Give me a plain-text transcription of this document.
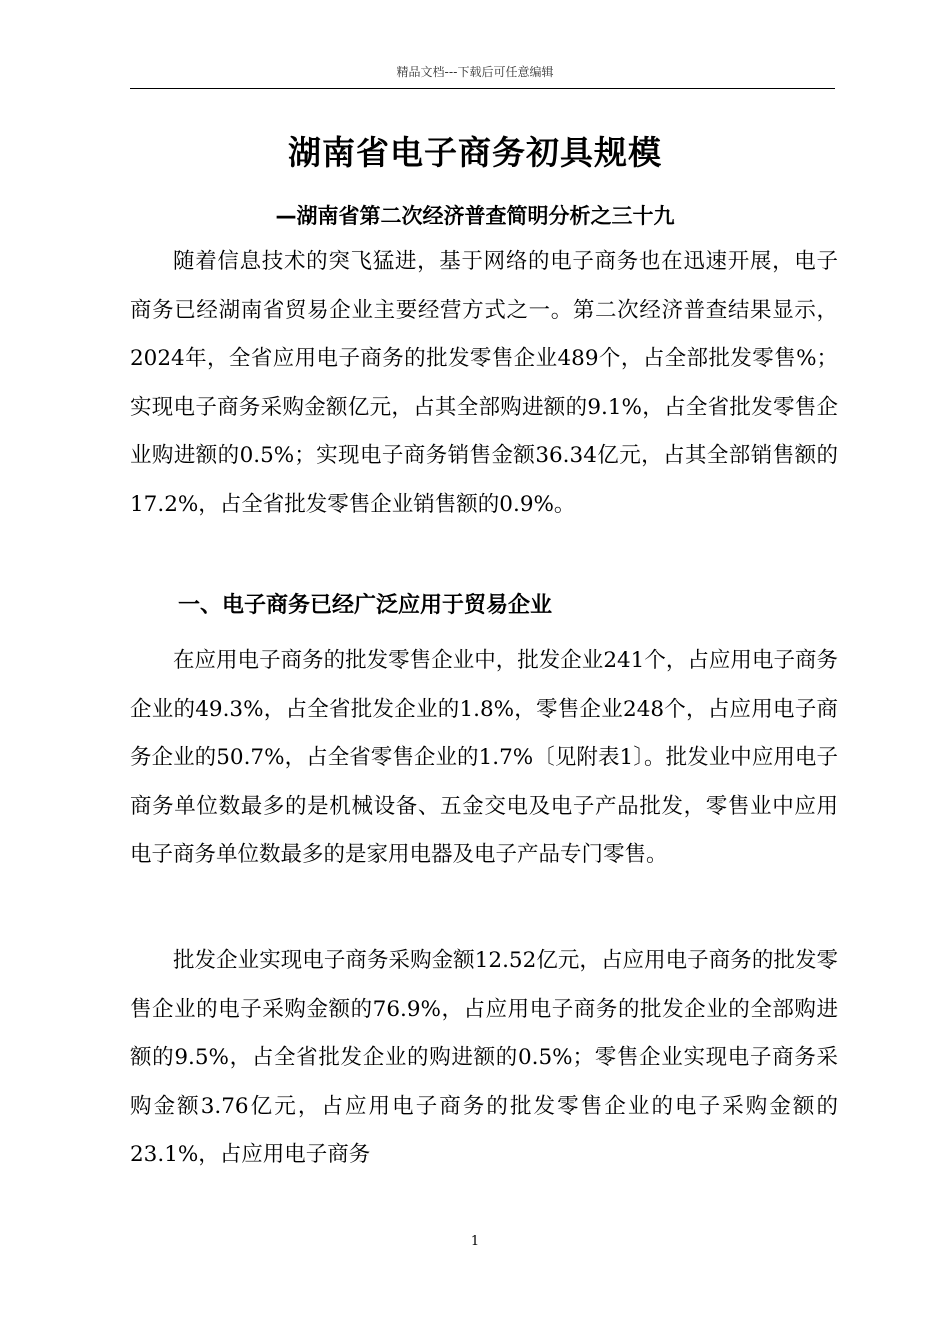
精品文档---下载后可任意编辑
湖南省电子商务初具规模
—湖南省第二次经济普查简明分析之三十九

随着信息技术的突飞猛进，基于网络的电子商务也在迅速开展，电子商务已经湖南省贸易企业主要经营方式之一。第二次经济普查结果显示，2024年，全省应用电子商务的批发零售企业489个，占全部批发零售%；实现电子商务采购金额亿元，占其全部购进额的9.1%，占全省批发零售企业购进额的0.5%；实现电子商务销售金额36.34亿元，占其全部销售额的17.2%，占全省批发零售企业销售额的0.9%。

一、电子商务已经广泛应用于贸易企业

在应用电子商务的批发零售企业中，批发企业241个，占应用电子商务企业的49.3%，占全省批发企业的1.8%，零售企业248个，占应用电子商务企业的50.7%，占全省零售企业的1.7%〔见附表1〕。批发业中应用电子商务单位数最多的是机械设备、五金交电及电子产品批发，零售业中应用电子商务单位数最多的是家用电器及电子产品专门零售。

批发企业实现电子商务采购金额12.52亿元，占应用电子商务的批发零售企业的电子采购金额的76.9%，占应用电子商务的批发企业的全部购进额的9.5%，占全省批发企业的购进额的0.5%；零售企业实现电子商务采购金额3.76亿元，占应用电子商务的批发零售企业的电子采购金额的23.1%，占应用电子商务

1
